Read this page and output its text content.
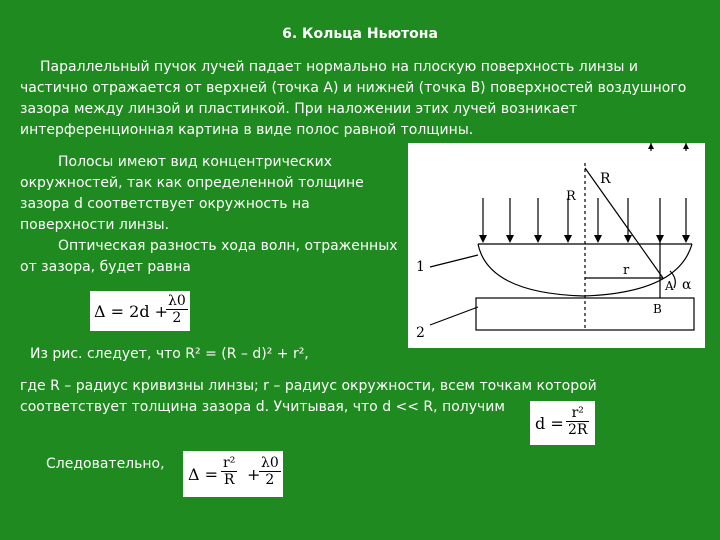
6. Кольца Ньютона
Параллельный пучок лучей падает нормально на плоскую поверхность линзы и частично отражается от верхней (точка А) и нижней (точка В) поверхностей воздушного зазора между линзой и пластинкой. При наложении этих лучей возникает интерференционная картина в виде полос равной толщины.
Полосы имеют вид концентрических окружностей, так как определенной толщине зазора d соответствует окружность на поверхности линзы.
Оптическая разность хода волн, отраженных от зазора, будет равна
Δ = 2d +
$\frac{\lambda 0}{2}$
R
R
1
2
r
A
B
α
Из рис. следует, что R² = (R – d)² + r²,
где R – радиус кривизны линзы; r – радиус окружности, всем точкам которой соответствует толщина зазора d. Учитывая, что d << R, получим
$d = \frac{\text{r²}}{2R}$
Следовательно,
$\Delta = \frac{\text{r²}}{R}$ +
$\frac{\lambda 0}{2}$
